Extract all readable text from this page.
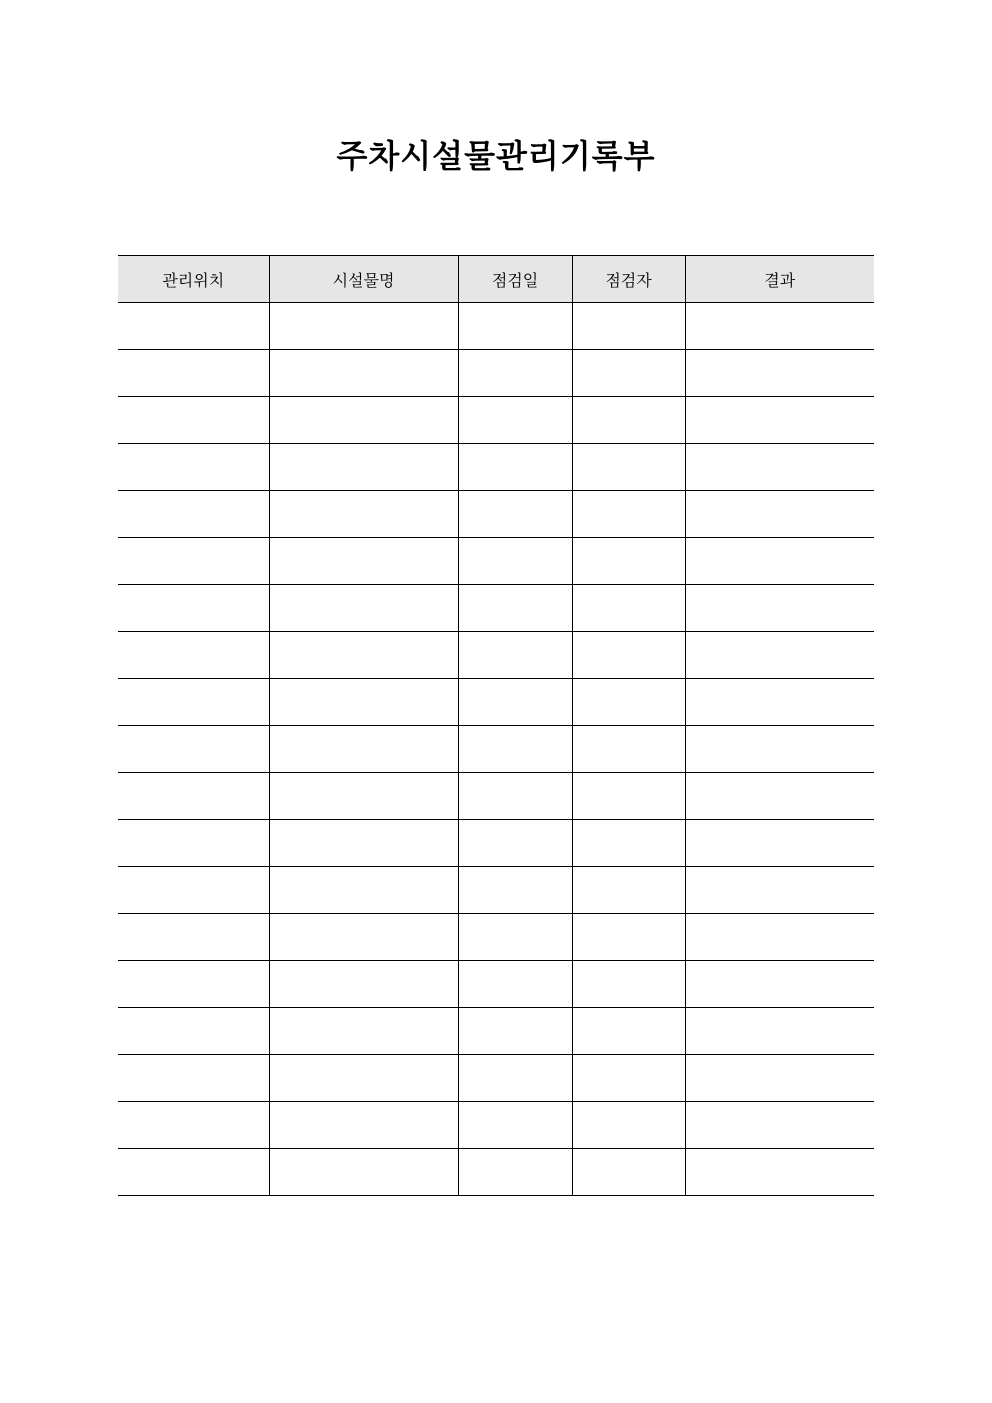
주차시설물관리기록부
관리위치	시설물명	점검일	점검자	결과
